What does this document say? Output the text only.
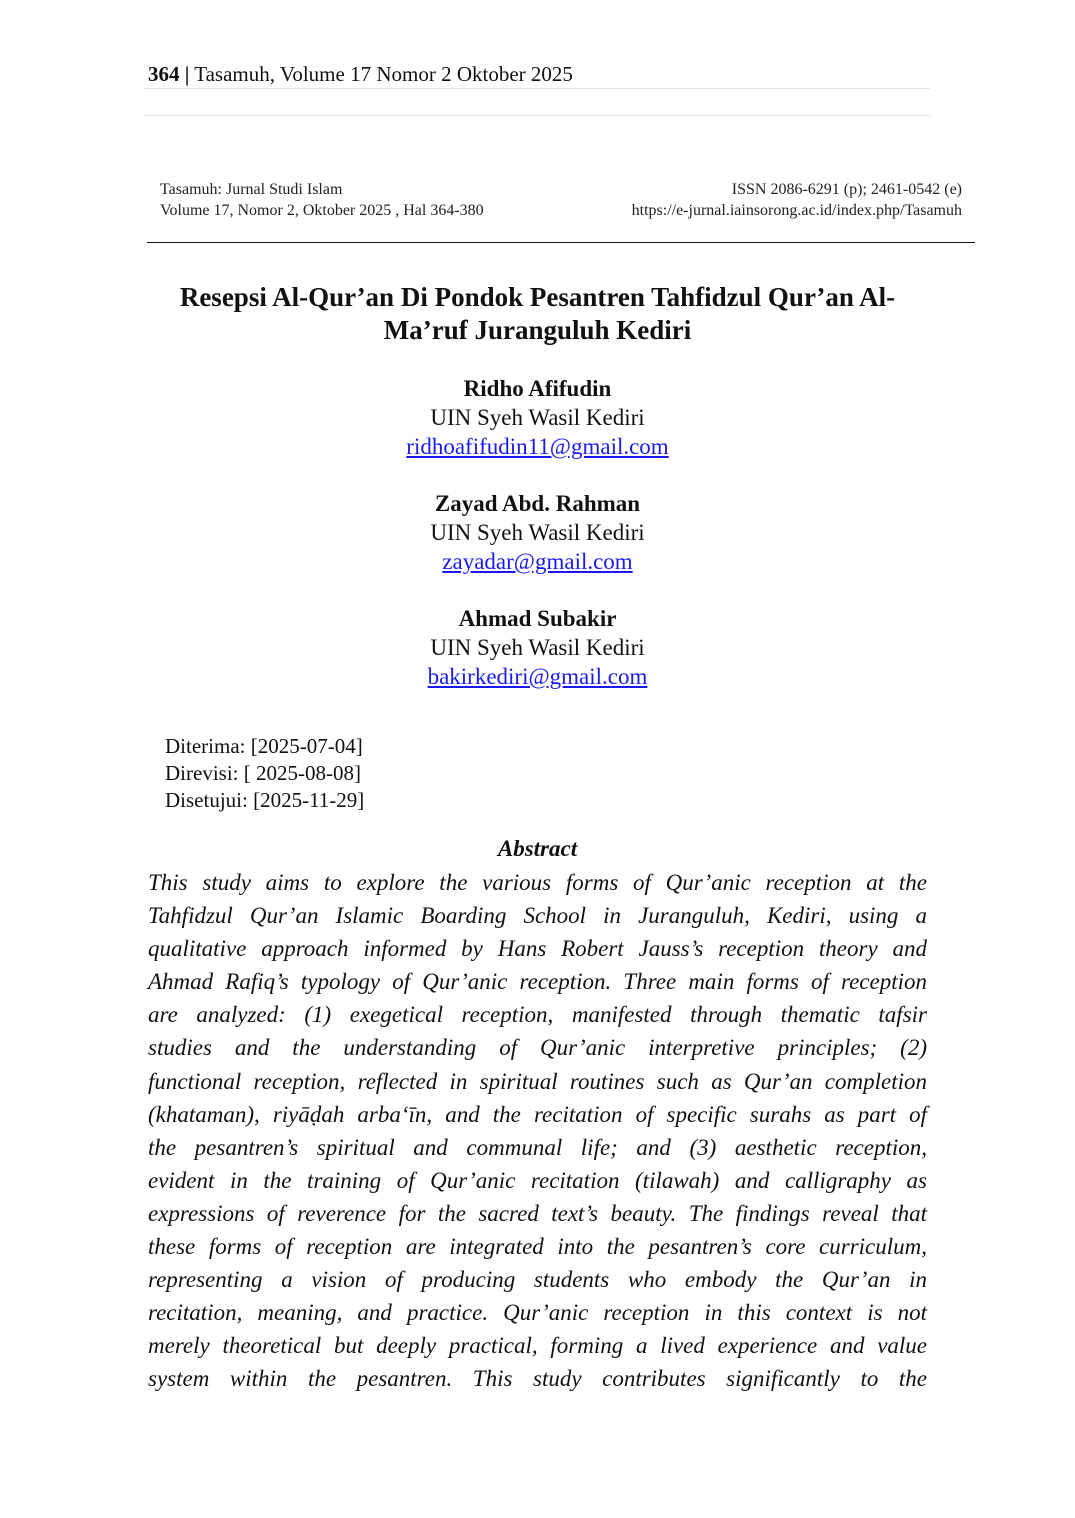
364 | Tasamuh, Volume 17 Nomor 2 Oktober 2025
Tasamuh: Jurnal Studi Islam	ISSN 2086-6291 (p); 2461-0542 (e)
Volume 17, Nomor 2, Oktober 2025 , Hal 364-380	https://e-jurnal.iainsorong.ac.id/index.php/Tasamuh
Resepsi Al-Qur’an Di Pondok Pesantren Tahfidzul Qur’an Al-
Ma’ruf Juranguluh Kediri
Ridho Afifudin
UIN Syeh Wasil Kediri
ridhoafifudin11@gmail.com
Zayad Abd. Rahman
UIN Syeh Wasil Kediri
zayadar@gmail.com
Ahmad Subakir
UIN Syeh Wasil Kediri
bakirkediri@gmail.com
Diterima: [2025-07-04]
Direvisi: [ 2025-08-08]
Disetujui: [2025-11-29]
Abstract
This study aims to explore the various forms of Qur’anic reception at the
Tahfidzul Qur’an Islamic Boarding School in Juranguluh, Kediri, using a
qualitative approach informed by Hans Robert Jauss’s reception theory and
Ahmad Rafiq’s typology of Qur’anic reception. Three main forms of reception
are analyzed: (1) exegetical reception, manifested through thematic tafsir
studies and the understanding of Qur’anic interpretive principles; (2)
functional reception, reflected in spiritual routines such as Qur’an completion
(khataman), riyāḍah arba‘īn, and the recitation of specific surahs as part of
the pesantren’s spiritual and communal life; and (3) aesthetic reception,
evident in the training of Qur’anic recitation (tilawah) and calligraphy as
expressions of reverence for the sacred text’s beauty. The findings reveal that
these forms of reception are integrated into the pesantren’s core curriculum,
representing a vision of producing students who embody the Qur’an in
recitation, meaning, and practice. Qur’anic reception in this context is not
merely theoretical but deeply practical, forming a lived experience and value
system within the pesantren. This study contributes significantly to the
